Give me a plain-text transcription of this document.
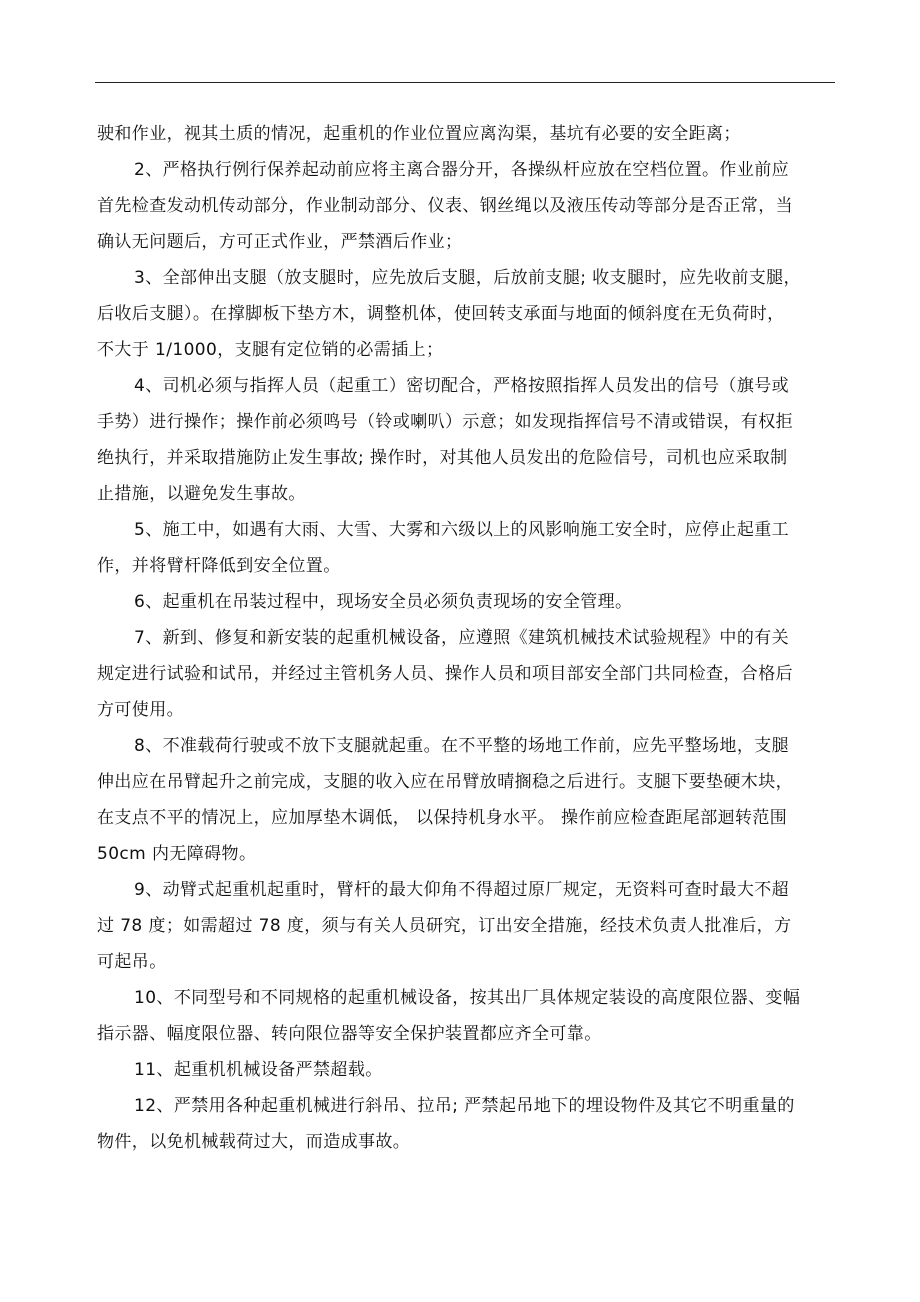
驶和作业，视其土质的情况，起重机的作业位置应离沟渠，基坑有必要的安全距离；

2、严格执行例行保养起动前应将主离合器分开，各操纵杆应放在空档位置。作业前应
首先检查发动机传动部分，作业制动部分、仪表、钢丝绳以及液压传动等部分是否正常，当
确认无问题后，方可正式作业，严禁酒后作业；

3、全部伸出支腿（放支腿时，应先放后支腿，后放前支腿; 收支腿时，应先收前支腿，
后收后支腿）。在撑脚板下垫方木，调整机体，使回转支承面与地面的倾斜度在无负荷时，
不大于 1/1000，支腿有定位销的必需插上；

4、司机必须与指挥人员（起重工）密切配合，严格按照指挥人员发出的信号（旗号或
手势）进行操作；操作前必须鸣号（铃或喇叭）示意；如发现指挥信号不清或错误，有权拒
绝执行，并采取措施防止发生事故; 操作时，对其他人员发出的危险信号，司机也应采取制
止措施，以避免发生事故。

5、施工中，如遇有大雨、大雪、大雾和六级以上的风影响施工安全时，应停止起重工
作，并将臂杆降低到安全位置。

6、起重机在吊装过程中，现场安全员必须负责现场的安全管理。

7、新到、修复和新安装的起重机械设备，应遵照《建筑机械技术试验规程》中的有关
规定进行试验和试吊，并经过主管机务人员、操作人员和项目部安全部门共同检查，合格后
方可使用。

8、不准载荷行驶或不放下支腿就起重。在不平整的场地工作前，应先平整场地，支腿
伸出应在吊臂起升之前完成，支腿的收入应在吊臂放晴搁稳之后进行。支腿下要垫硬木块，
在支点不平的情况上，应加厚垫木调低， 以保持机身水平。 操作前应检查距尾部迴转范围
50cm 内无障碍物。

9、动臂式起重机起重时，臂杆的最大仰角不得超过原厂规定，无资料可查时最大不超
过 78 度；如需超过 78 度，须与有关人员研究，订出安全措施，经技术负责人批准后，方
可起吊。

10、不同型号和不同规格的起重机械设备，按其出厂具体规定装设的高度限位器、变幅
指示器、幅度限位器、转向限位器等安全保护装置都应齐全可靠。

11、起重机机械设备严禁超载。

12、严禁用各种起重机械进行斜吊、拉吊; 严禁起吊地下的埋设物件及其它不明重量的
物件，以免机械载荷过大，而造成事故。
